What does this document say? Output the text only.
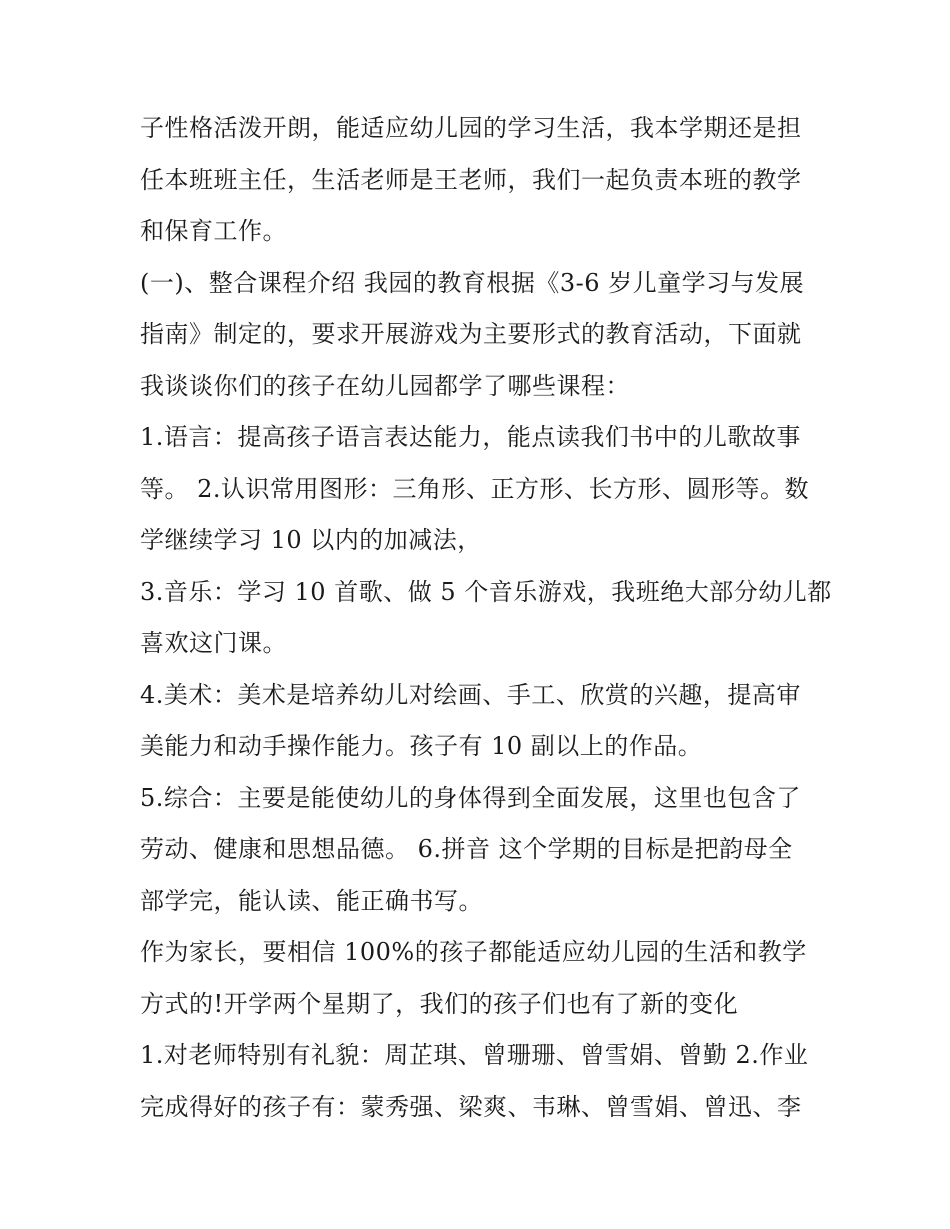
子性格活泼开朗，能适应幼儿园的学习生活，我本学期还是担
任本班班主任，生活老师是王老师，我们一起负责本班的教学
和保育工作。
(一)、整合课程介绍 我园的教育根据《3-6 岁儿童学习与发展
指南》制定的，要求开展游戏为主要形式的教育活动，下面就
我谈谈你们的孩子在幼儿园都学了哪些课程：
1.语言：提高孩子语言表达能力，能点读我们书中的儿歌故事
等。 2.认识常用图形：三角形、正方形、长方形、圆形等。数
学继续学习 10 以内的加减法，
3.音乐：学习 10 首歌、做 5 个音乐游戏，我班绝大部分幼儿都
喜欢这门课。
4.美术：美术是培养幼儿对绘画、手工、欣赏的兴趣，提高审
美能力和动手操作能力。孩子有 10 副以上的作品。
5.综合：主要是能使幼儿的身体得到全面发展，这里也包含了
劳动、健康和思想品德。 6.拼音 这个学期的目标是把韵母全
部学完，能认读、能正确书写。
作为家长，要相信 100%的孩子都能适应幼儿园的生活和教学
方式的!开学两个星期了，我们的孩子们也有了新的变化
1.对老师特别有礼貌：周芷琪、曾珊珊、曾雪娟、曾勤 2.作业
完成得好的孩子有：蒙秀强、梁爽、韦琳、曾雪娟、曾迅、李
